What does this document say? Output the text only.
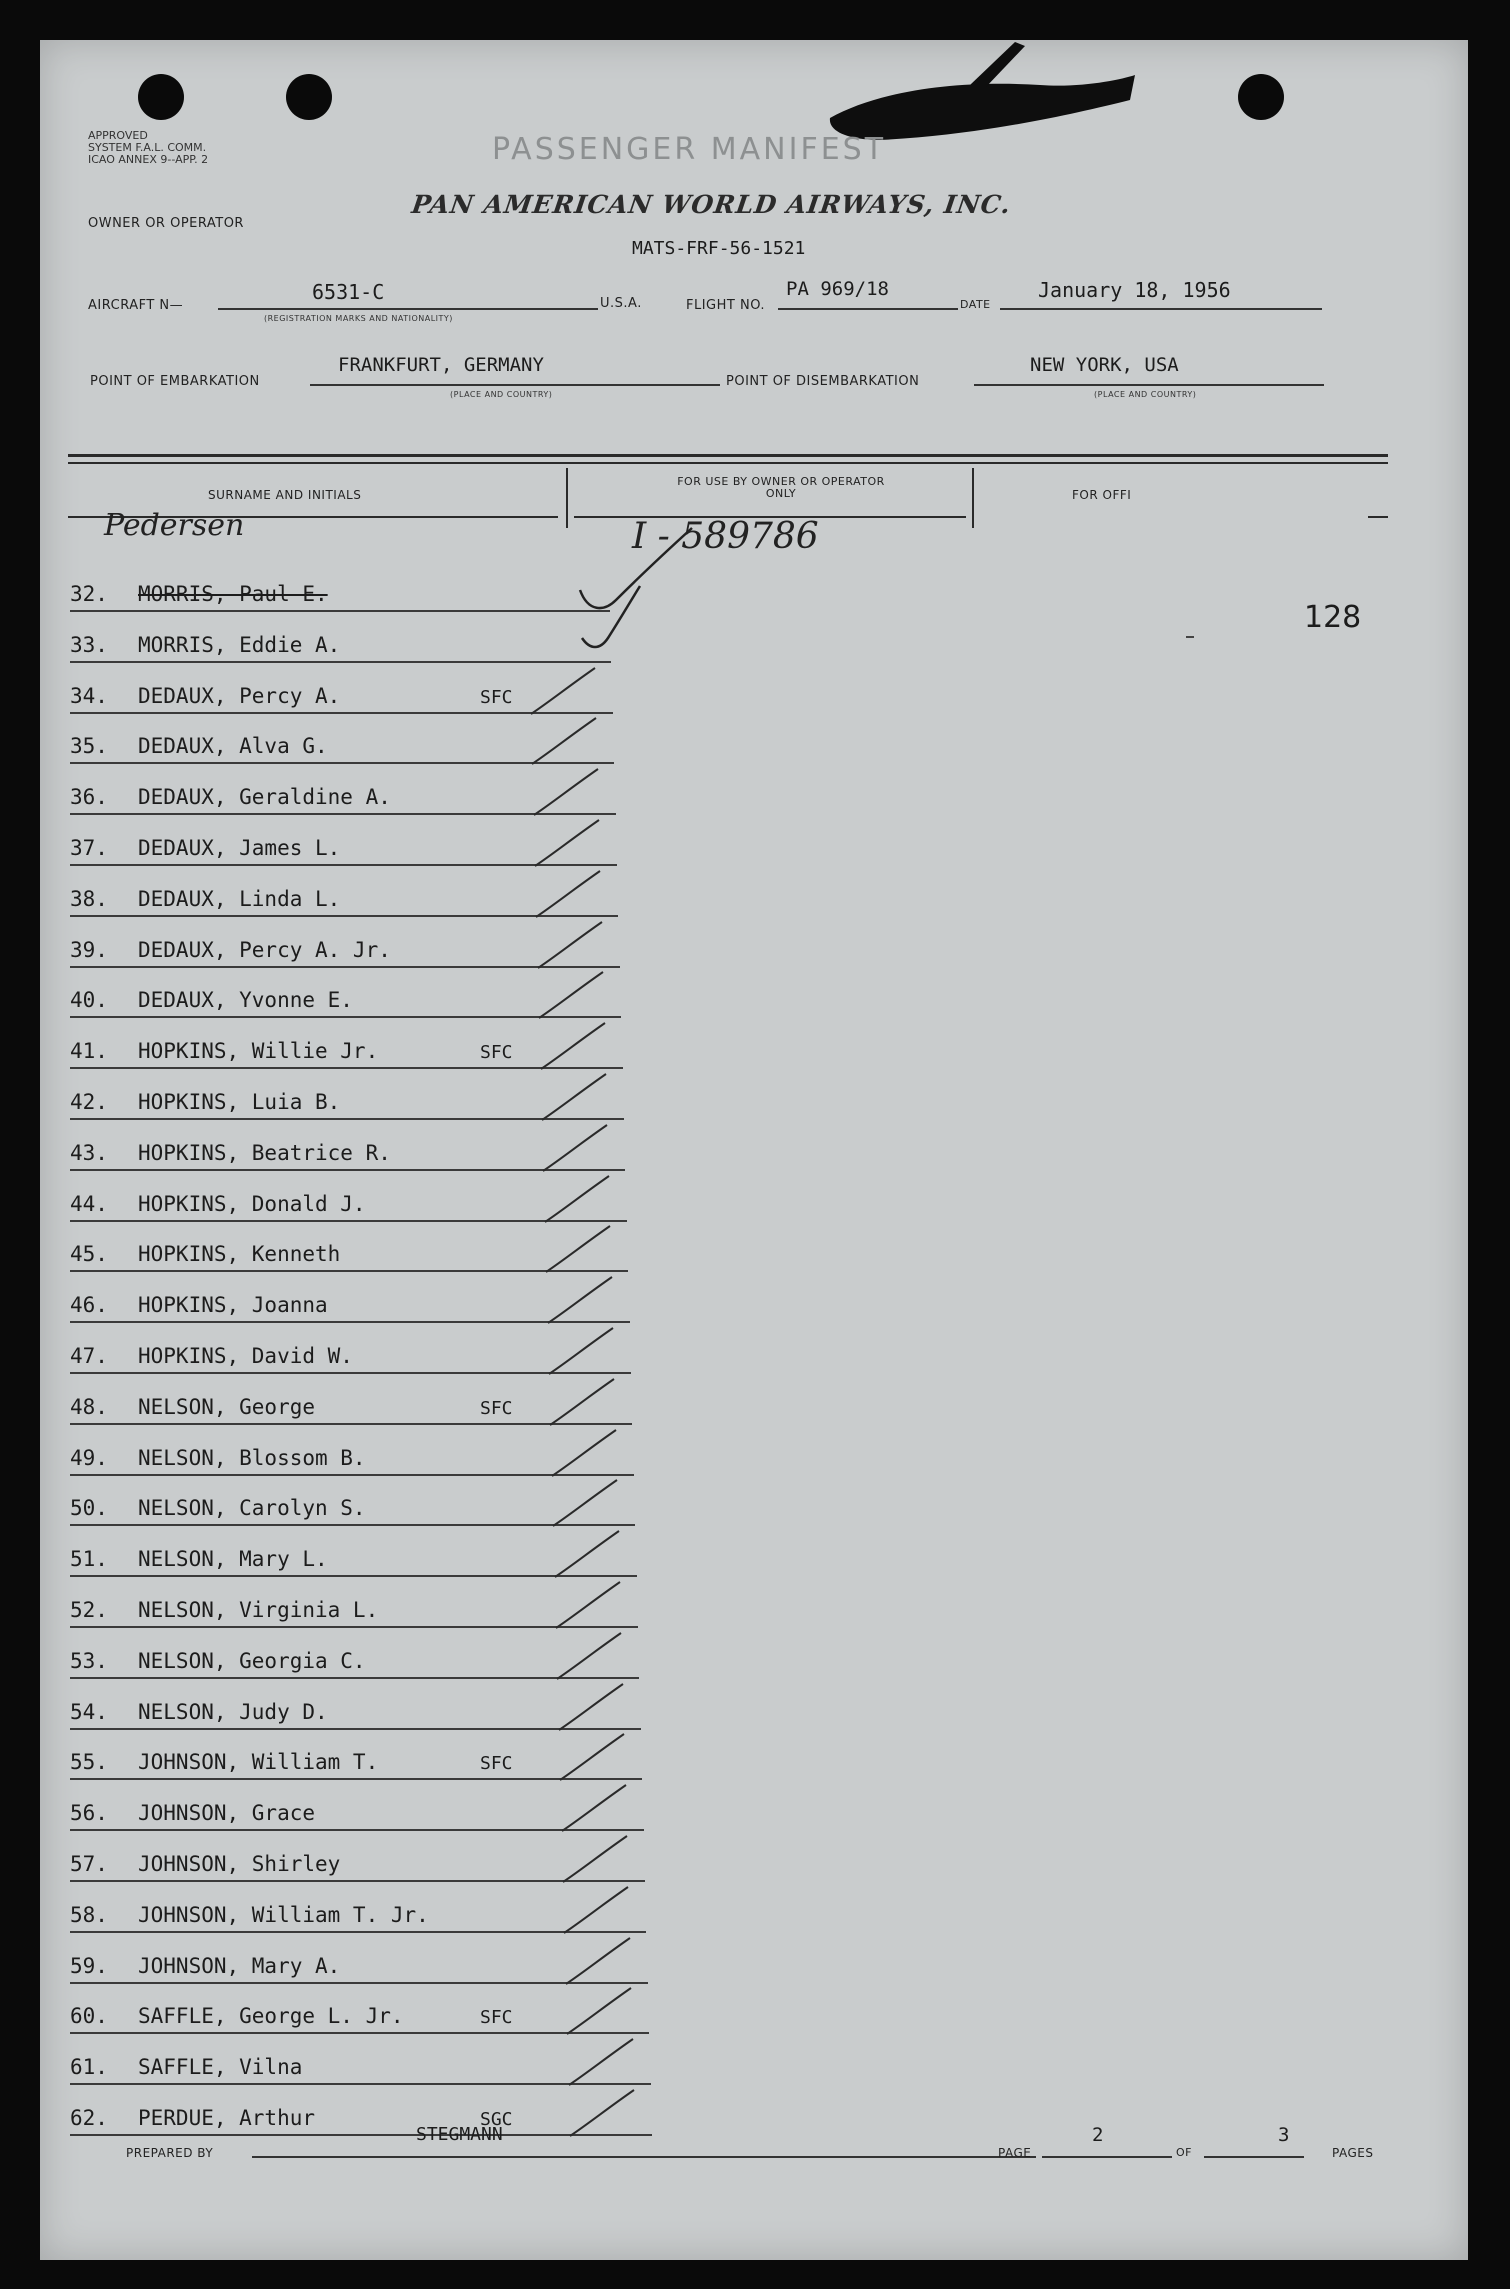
APPROVED
SYSTEM F.A.L. COMM.
ICAO ANNEX 9--APP. 2	PASSENGER MANIFEST
PAN AMERICAN WORLD AIRWAYS, INC.
OWNER OR OPERATOR
MATS-FRF-56-1521
AIRCRAFT N—
6531-C
(REGISTRATION MARKS AND NATIONALITY)
U.S.A.	FLIGHT NO.
PA 969/18
DATE
January 18, 1956
POINT OF EMBARKATION
FRANKFURT, GERMANY
(PLACE AND COUNTRY)
POINT OF DISEMBARKATION
NEW YORK, USA
(PLACE AND COUNTRY)
SURNAME AND INITIALS
FOR USE BY OWNER OR OPERATOR ONLY	FOR OFFI
Pedersen	I - 589786
128
32.	MORRIS, Paul E.
33.	MORRIS, Eddie A.
34.	DEDAUX, Percy A.	SFC
35.	DEDAUX, Alva G.
36.	DEDAUX, Geraldine A.
37.	DEDAUX, James L.
38.	DEDAUX, Linda L.
39.	DEDAUX, Percy A. Jr.
40.	DEDAUX, Yvonne E.
41.	HOPKINS, Willie Jr.	SFC
42.	HOPKINS, Luia B.
43.	HOPKINS, Beatrice R.
44.	HOPKINS, Donald J.
45.	HOPKINS, Kenneth
46.	HOPKINS, Joanna
47.	HOPKINS, David W.
48.	NELSON, George	SFC
49.	NELSON, Blossom B.
50.	NELSON, Carolyn S.
51.	NELSON, Mary L.
52.	NELSON, Virginia L.
53.	NELSON, Georgia C.
54.	NELSON, Judy D.
55.	JOHNSON, William T.	SFC
56.	JOHNSON, Grace
57.	JOHNSON, Shirley
58.	JOHNSON, William T. Jr.
59.	JOHNSON, Mary A.
60.	SAFFLE, George L. Jr.	SFC
61.	SAFFLE, Vilna
62.	PERDUE, Arthur	SGC
PREPARED BY
STEGMANN
PAGE
2
OF
3
PAGES
